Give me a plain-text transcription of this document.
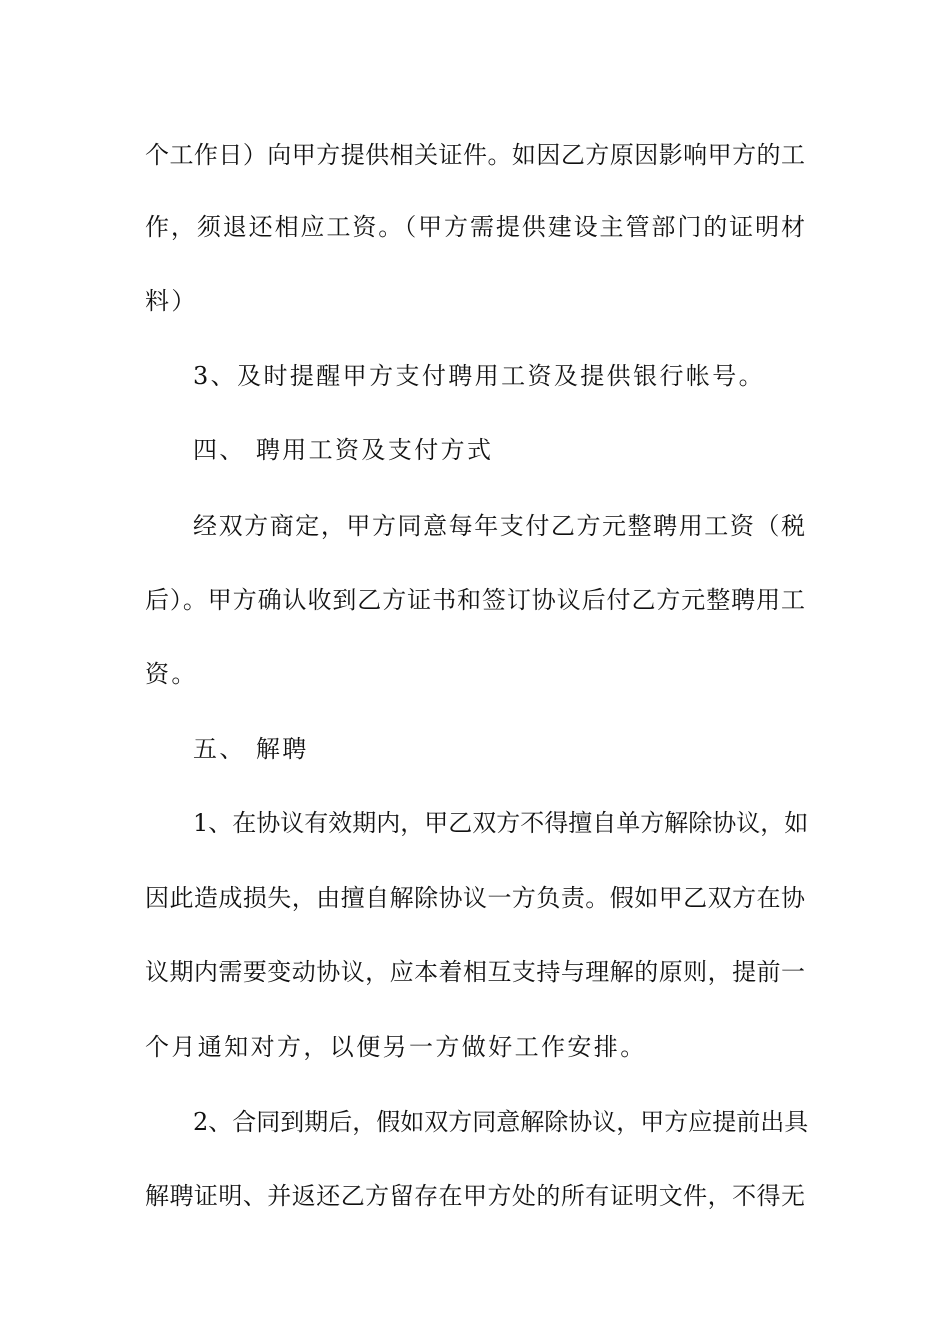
个工作日）向甲方提供相关证件。如因乙方原因影响甲方的工
作，须退还相应工资。（甲方需提供建设主管部门的证明材
料）
3、及时提醒甲方支付聘用工资及提供银行帐号。
四、 聘用工资及支付方式
经双方商定，甲方同意每年支付乙方元整聘用工资（税
后）。甲方确认收到乙方证书和签订协议后付乙方元整聘用工
资。
五、 解聘
1、在协议有效期内，甲乙双方不得擅自单方解除协议，如
因此造成损失，由擅自解除协议一方负责。假如甲乙双方在协
议期内需要变动协议，应本着相互支持与理解的原则，提前一
个月通知对方，以便另一方做好工作安排。
2、合同到期后，假如双方同意解除协议，甲方应提前出具
解聘证明、并返还乙方留存在甲方处的所有证明文件，不得无
